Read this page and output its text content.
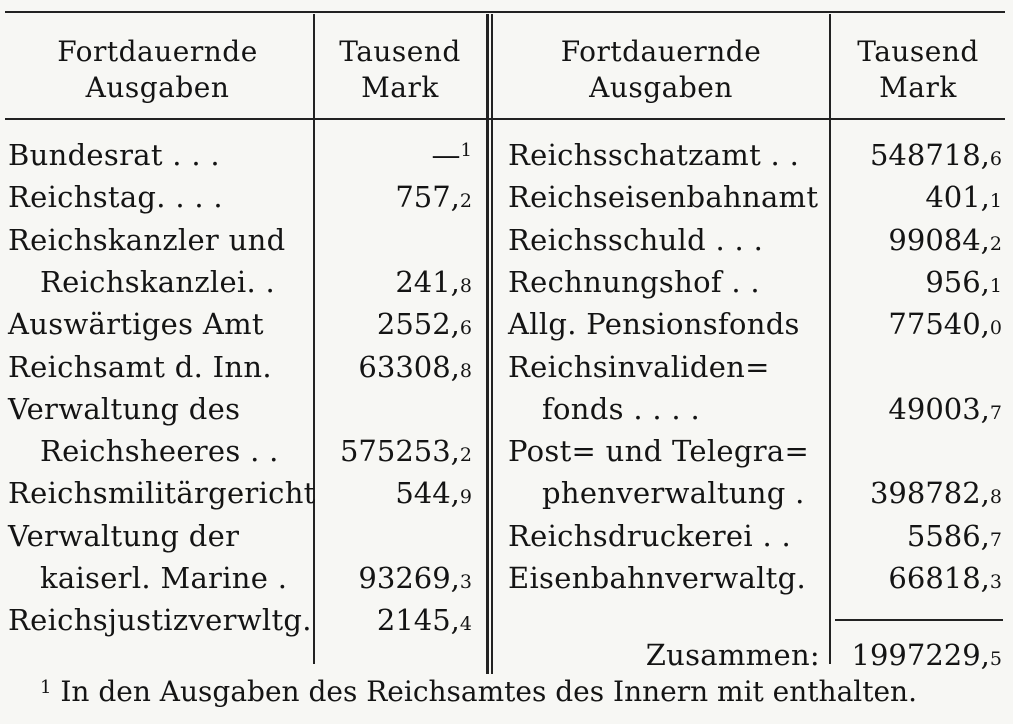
Fortdauernde
Ausgaben
Tausend
Mark
Fortdauernde
Ausgaben
Tausend
Mark
Bundesrat . . .	—$^1$
Reichstag. . . .	757,2
Reichskanzler und
Reichskanzlei. .	241,8
Auswärtiges Amt	2552,6
Reichsamt d. Inn.	63308,8
Verwaltung des
Reichsheeres . .	575253,2
Reichsmilitärgericht	544,9
Verwaltung der
kaiserl. Marine .	93269,3
Reichsjustizverwltg.	2145,4
Reichsschatzamt . .	548718,6
Reichseisenbahnamt	401,1
Reichsschuld . . .	99084,2
Rechnungshof . .	956,1
Allg. Pensionsfonds	77540,0
Reichsinvaliden=
fonds . . . .	49003,7
Post= und Telegra=
phenverwaltung .	398782,8
Reichsdruckerei . .	5586,7
Eisenbahnverwaltg.	66818,3
Zusammen:	1997229,5
$^1$ In den Ausgaben des Reichsamtes des Innern mit enthalten.
